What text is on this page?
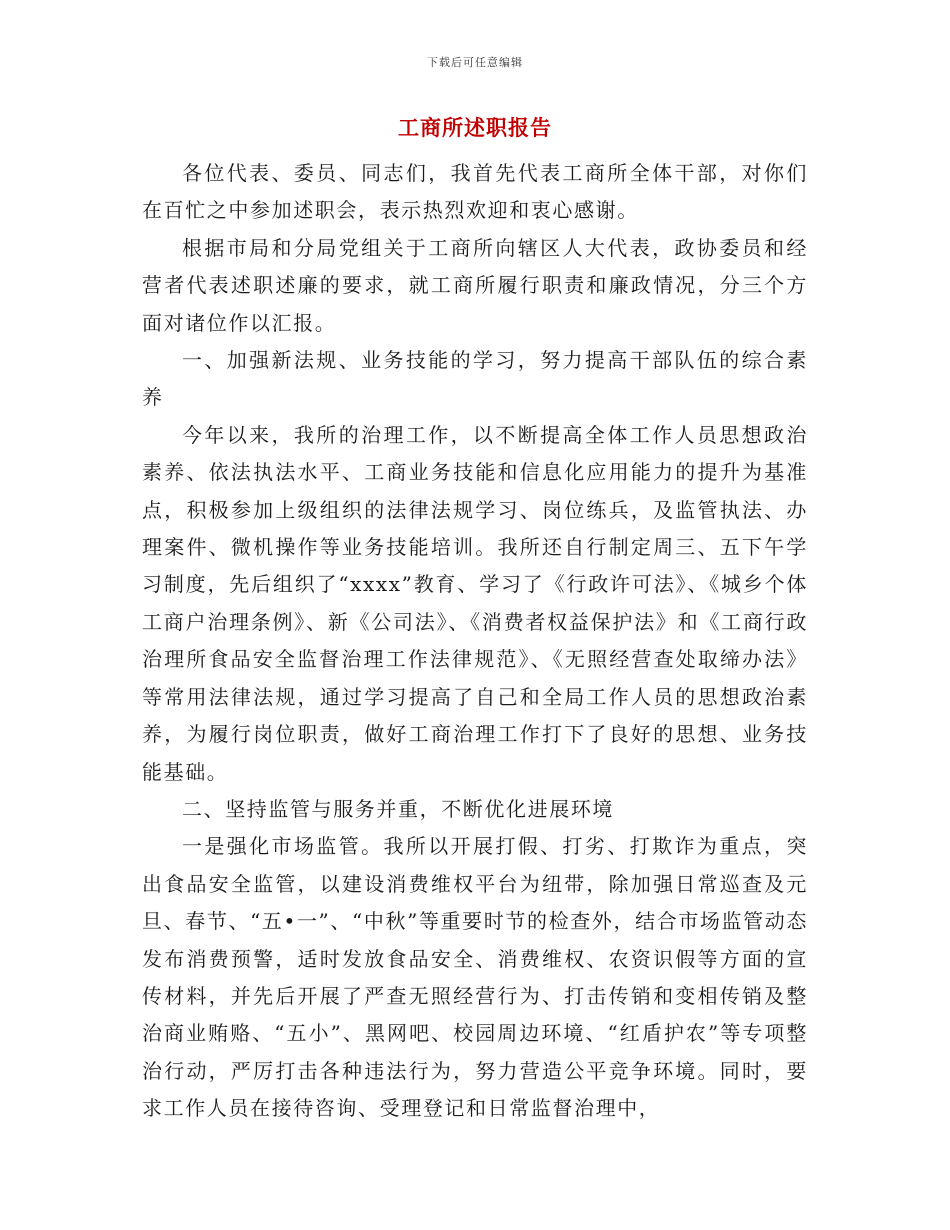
下载后可任意编辑
工商所述职报告

各位代表、委员、同志们，我首先代表工商所全体干部，对你们在百忙之中参加述职会，表示热烈欢迎和衷心感谢。

根据市局和分局党组关于工商所向辖区人大代表，政协委员和经营者代表述职述廉的要求，就工商所履行职责和廉政情况，分三个方面对诸位作以汇报。

一、加强新法规、业务技能的学习，努力提高干部队伍的综合素养

今年以来，我所的治理工作，以不断提高全体工作人员思想政治素养、依法执法水平、工商业务技能和信息化应用能力的提升为基准点，积极参加上级组织的法律法规学习、岗位练兵，及监管执法、办理案件、微机操作等业务技能培训。我所还自行制定周三、五下午学习制度，先后组织了“xxxx”教育、学习了《行政许可法》、《城乡个体工商户治理条例》、新《公司法》、《消费者权益保护法》和《工商行政治理所食品安全监督治理工作法律规范》、《无照经营查处取缔办法》等常用法律法规，通过学习提高了自己和全局工作人员的思想政治素养，为履行岗位职责，做好工商治理工作打下了良好的思想、业务技能基础。

二、坚持监管与服务并重，不断优化进展环境

一是强化市场监管。我所以开展打假、打劣、打欺诈为重点，突出食品安全监管，以建设消费维权平台为纽带，除加强日常巡查及元旦、春节、“五•一”、“中秋”等重要时节的检查外，结合市场监管动态发布消费预警，适时发放食品安全、消费维权、农资识假等方面的宣传材料，并先后开展了严查无照经营行为、打击传销和变相传销及整治商业贿赂、“五小”、黑网吧、校园周边环境、“红盾护农”等专项整治行动，严厉打击各种违法行为，努力营造公平竞争环境。同时，要求工作人员在接待咨询、受理登记和日常监督治理中，
